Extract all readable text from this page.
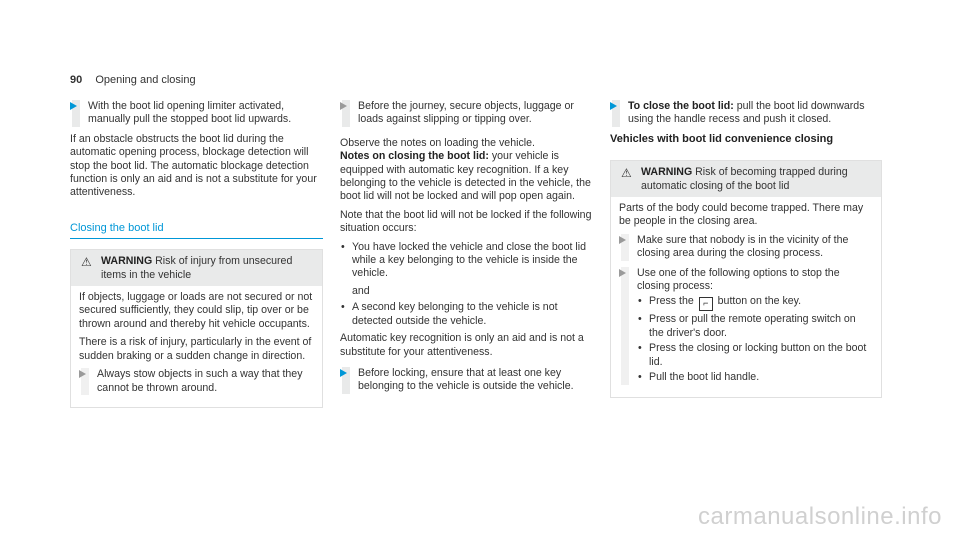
90 Opening and closing
With the boot lid opening limiter activated, manually pull the stopped boot lid upwards.

If an obstacle obstructs the boot lid during the automatic opening process, blockage detection will stop the boot lid. The automatic blockage detection function is only an aid and is not a substitute for your attentiveness.

Closing the boot lid
⚠ WARNING Risk of injury from unsecured items in the vehicle

If objects, luggage or loads are not secured or not secured sufficiently, they could slip, tip over or be thrown around and thereby hit vehicle occupants.

There is a risk of injury, particularly in the event of sudden braking or a sudden change in direction.

Always stow objects in such a way that they cannot be thrown around.
Before the journey, secure objects, luggage or loads against slipping or tipping over.

Observe the notes on loading the vehicle.

Notes on closing the boot lid: your vehicle is equipped with automatic key recognition. If a key belonging to the vehicle is detected in the vehicle, the boot lid will not be locked and will pop open again.

Note that the boot lid will not be locked if the following situation occurs:

• You have locked the vehicle and close the boot lid while a key belonging to the vehicle is inside the vehicle.
and
• A second key belonging to the vehicle is not detected outside the vehicle.

Automatic key recognition is only an aid and is not a substitute for your attentiveness.

Before locking, ensure that at least one key belonging to the vehicle is outside the vehicle.
To close the boot lid: pull the boot lid downwards using the handle recess and push it closed.
Vehicles with boot lid convenience closing
⚠ WARNING Risk of becoming trapped during automatic closing of the boot lid

Parts of the body could become trapped. There may be people in the closing area.

Make sure that nobody is in the vicinity of the closing area during the closing process.
Use one of the following options to stop the closing process:
• Press the ⌐ button on the key.
• Press or pull the remote operating switch on the driver's door.
• Press the closing or locking button on the boot lid.
• Pull the boot lid handle.
carmanualsonline.info
